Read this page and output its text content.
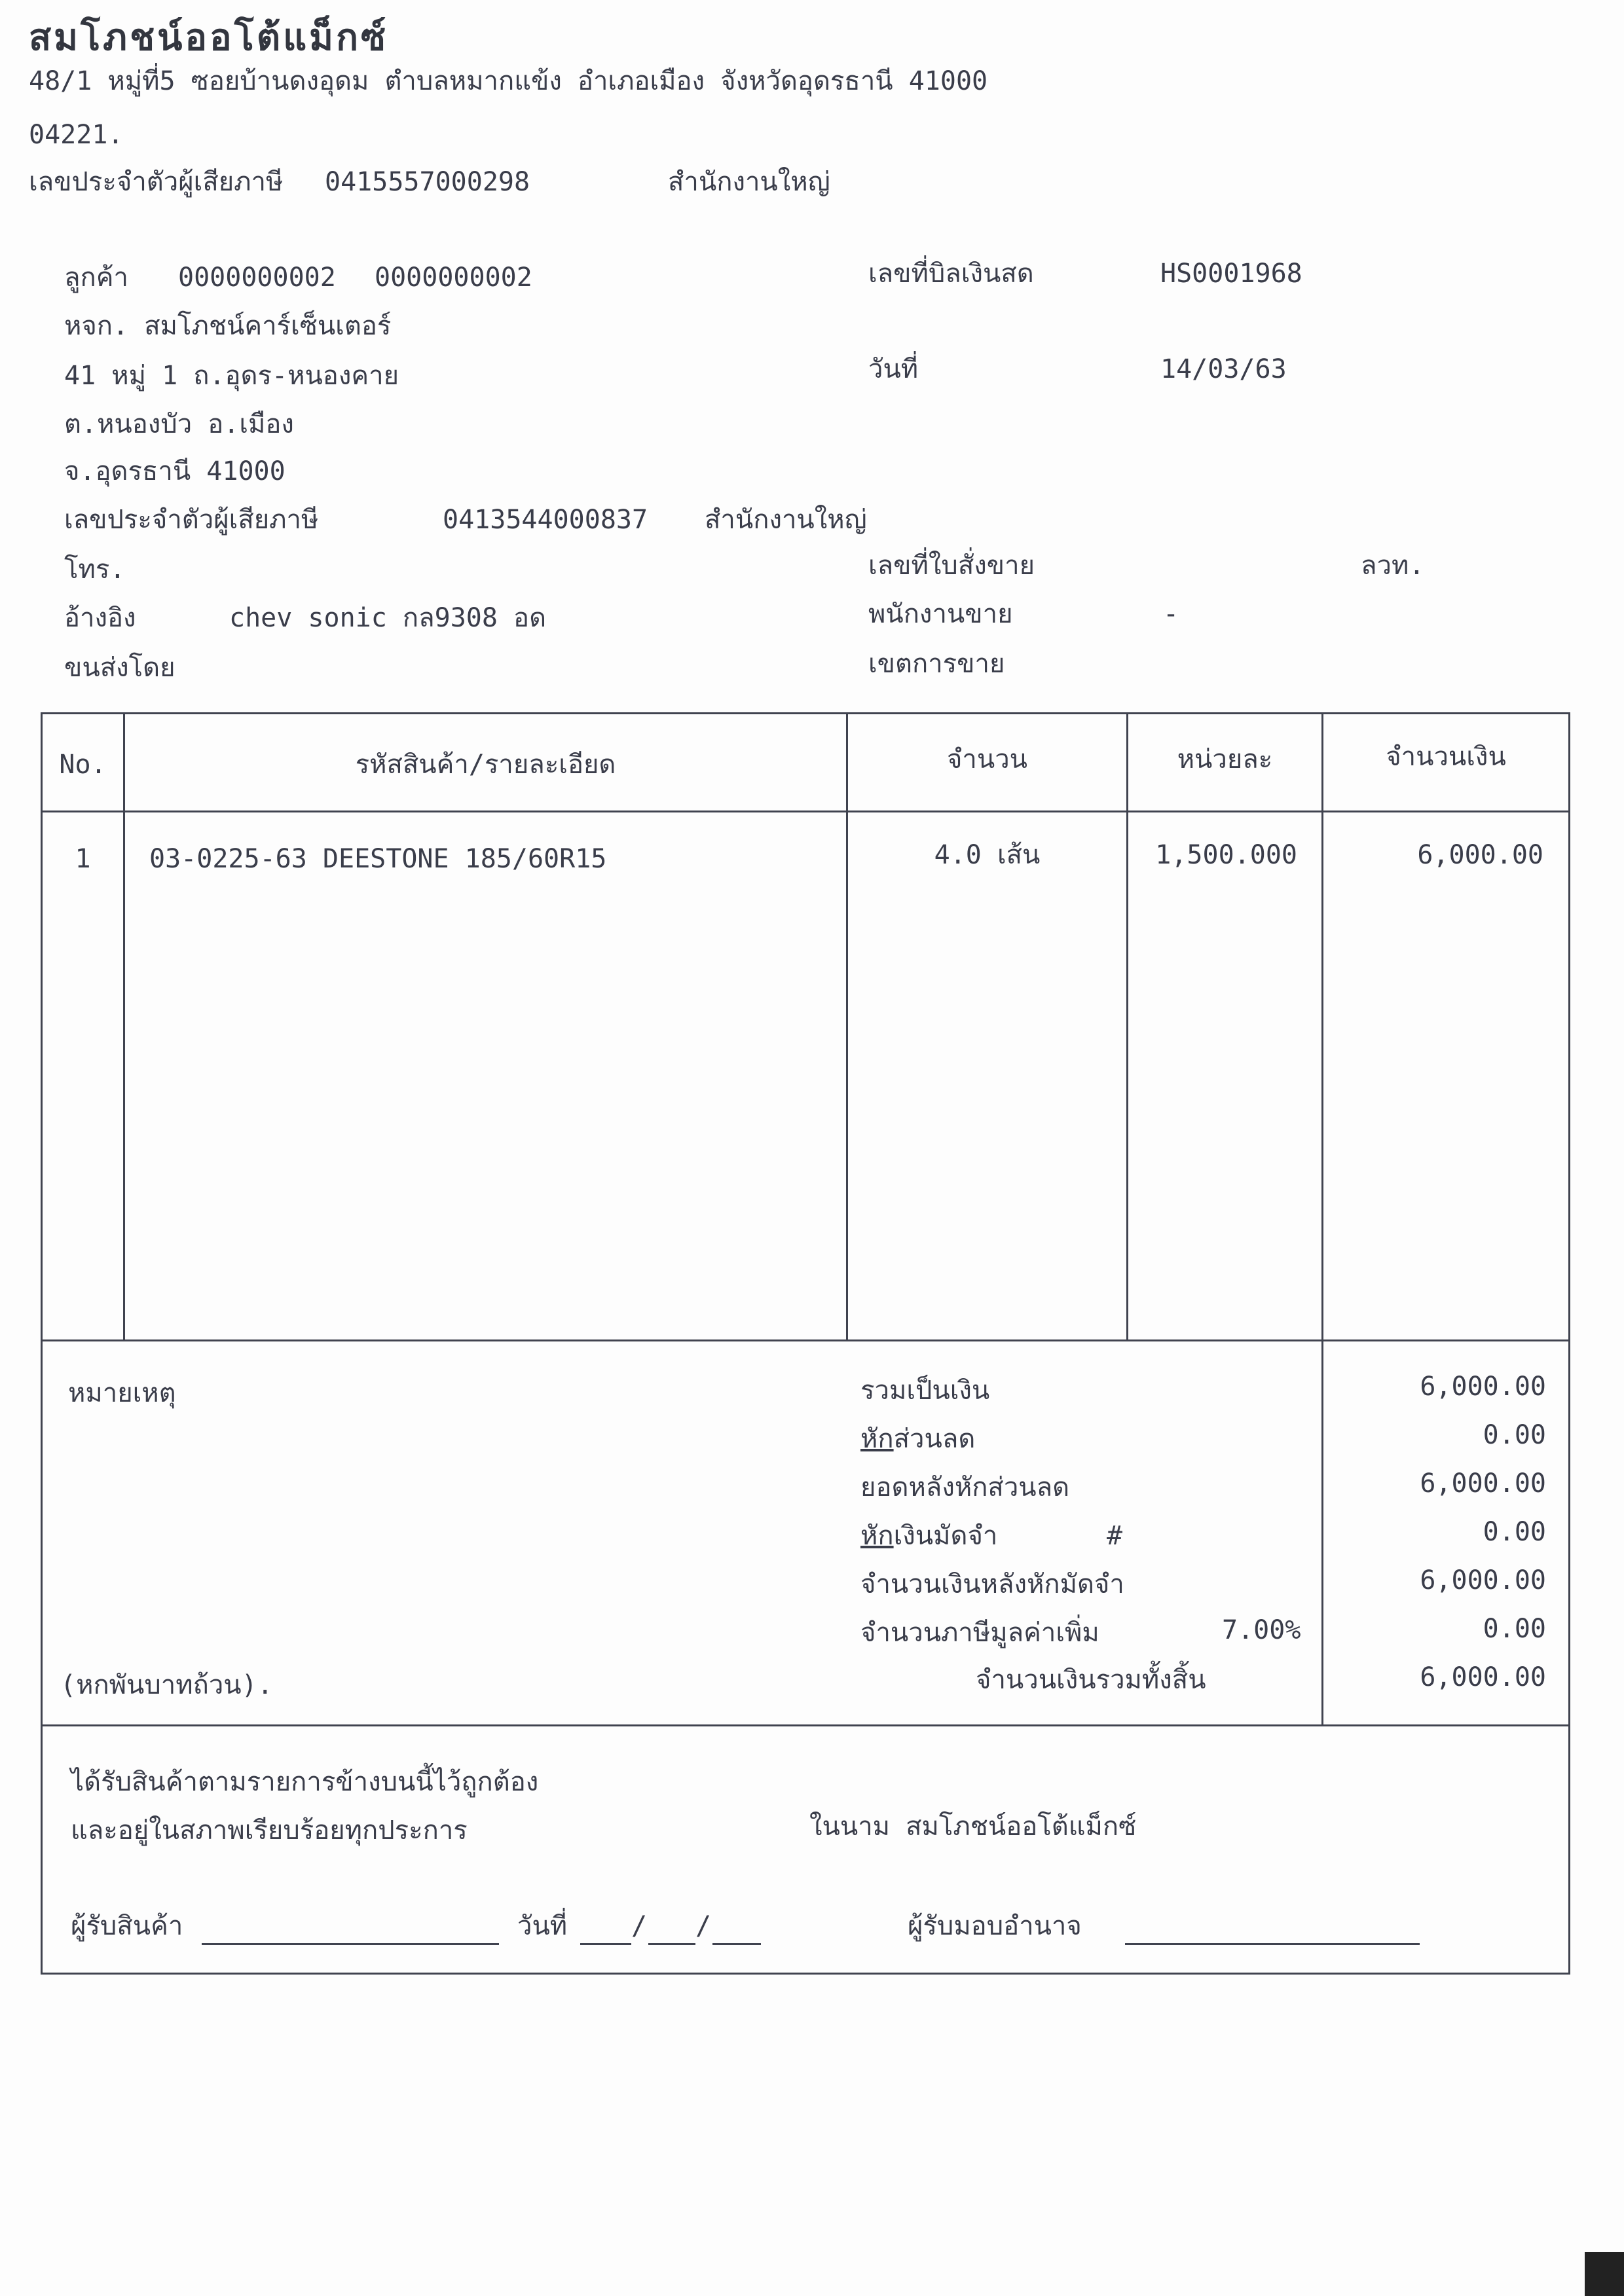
สมโภชน์ออโต้แม็กซ์
48/1 หมู่ที่5 ซอยบ้านดงอุดม ตำบลหมากแข้ง อำเภอเมือง จังหวัดอุดรธานี 41000
04221.
เลขประจำตัวผู้เสียภาษี 0415557000298	สำนักงานใหญ่
ลูกค้า 0000000002 0000000002
หจก. สมโภชน์คาร์เซ็นเตอร์
41 หมู่ 1 ถ.อุดร-หนองคาย
ต.หนองบัว อ.เมือง
จ.อุดรธานี 41000
เลขประจำตัวผู้เสียภาษี	0413544000837 สำนักงานใหญ่
โทร.
อ้างอิง	chev sonic กล9308 อด
ขนส่งโดย
เลขที่บิลเงินสด	HS0001968
วันที่	14/03/63
เลขที่ใบสั่งขาย	ลวท.
พนักงานขาย	-
เขตการขาย
No.	รหัสสินค้า/รายละเอียด	จำนวน	หน่วยละ	จำนวนเงิน
1	03-0225-63 DEESTONE 185/60R15	4.0 เส้น	1,500.000	6,000.00
หมายเหตุ
(หกพันบาทถ้วน).
รวมเป็นเงิน	6,000.00
หักส่วนลด	0.00
ยอดหลังหักส่วนลด	6,000.00
หักเงินมัดจำ	#	0.00
จำนวนเงินหลังหักมัดจำ	6,000.00
จำนวนภาษีมูลค่าเพิ่ม	7.00%	0.00
จำนวนเงินรวมทั้งสิ้น	6,000.00
ได้รับสินค้าตามรายการข้างบนนี้ไว้ถูกต้อง
และอยู่ในสภาพเรียบร้อยทุกประการ	ในนาม สมโภชน์ออโต้แม็กซ์
ผู้รับสินค้า	วันที่ / /	ผู้รับมอบอำนาจ
